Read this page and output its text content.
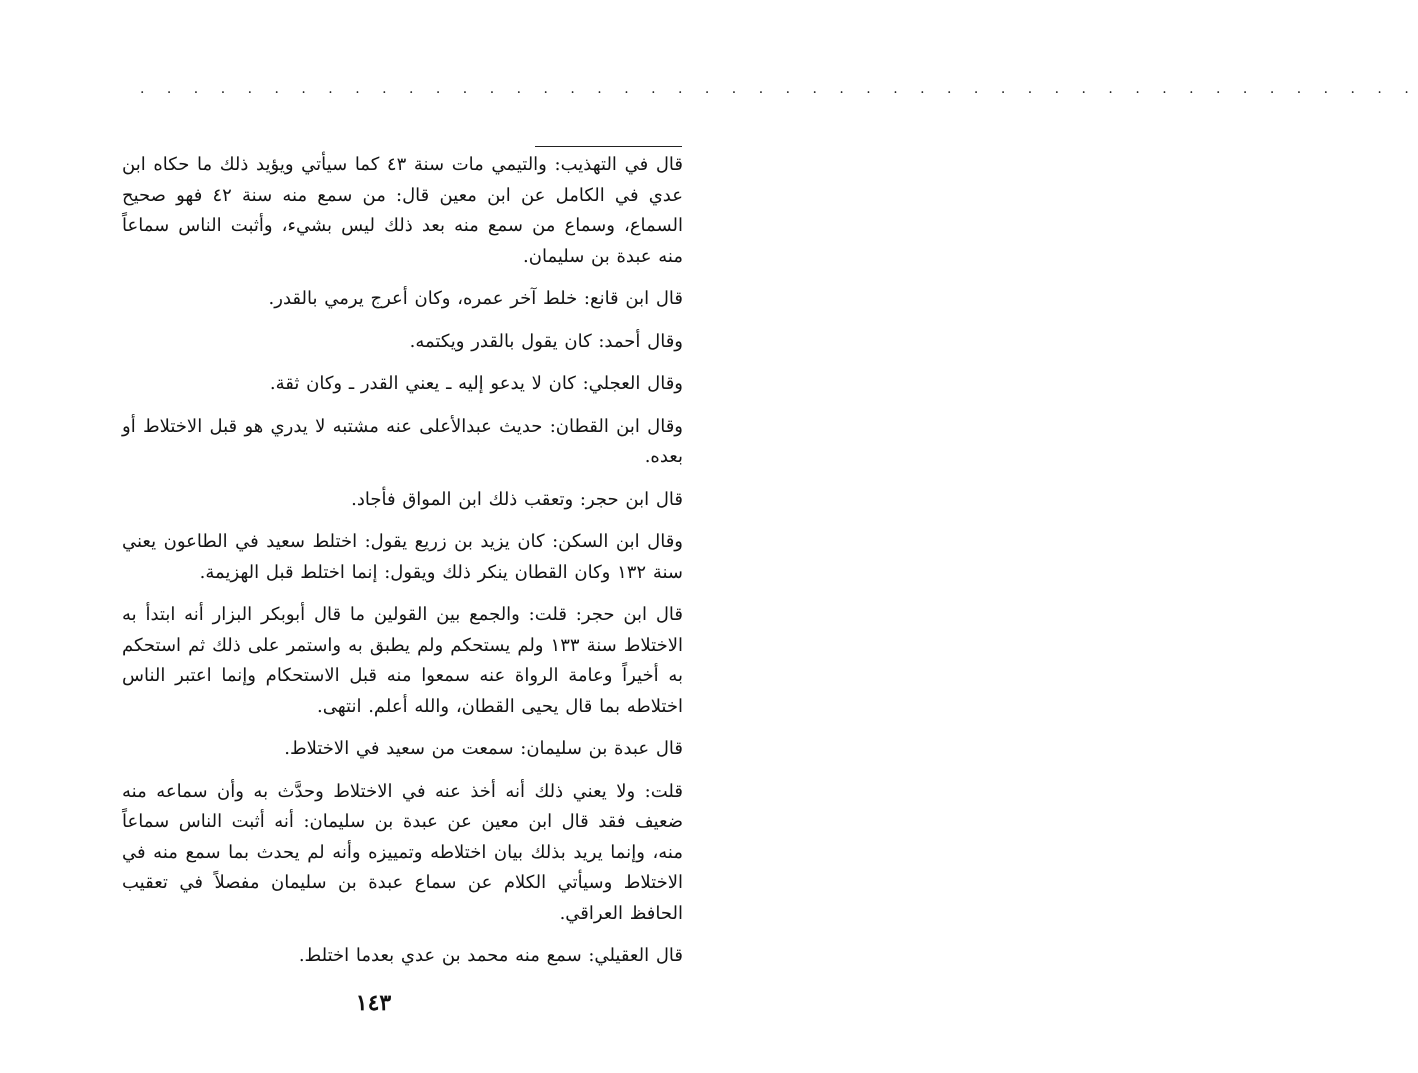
· · · · · · · · · · · · · · · · · · · · · · · · · · · · · · · · · · · · · · · · · · · · · · · ·

قال في التهذيب: والتيمي مات سنة ٤٣ كما سيأتي ويؤيد ذلك ما حكاه ابن عدي في الكامل عن ابن معين قال: من سمع منه سنة ٤٢ فهو صحيح السماع، وسماع من سمع منه بعد ذلك ليس بشيء، وأثبت الناس سماعاً منه عبدة بن سليمان.

قال ابن قانع: خلط آخر عمره، وكان أعرج يرمي بالقدر.

وقال أحمد: كان يقول بالقدر ويكتمه.

وقال العجلي: كان لا يدعو إليه ـ يعني القدر ـ وكان ثقة.

وقال ابن القطان: حديث عبدالأعلى عنه مشتبه لا يدري هو قبل الاختلاط أو بعده.

قال ابن حجر: وتعقب ذلك ابن المواق فأجاد.

وقال ابن السكن: كان يزيد بن زريع يقول: اختلط سعيد في الطاعون يعني سنة ١٣٢ وكان القطان ينكر ذلك ويقول: إنما اختلط قبل الهزيمة.

قال ابن حجر: قلت: والجمع بين القولين ما قال أبوبكر البزار أنه ابتدأ به الاختلاط سنة ١٣٣ ولم يستحكم ولم يطبق به واستمر على ذلك ثم استحكم به أخيراً وعامة الرواة عنه سمعوا منه قبل الاستحكام وإنما اعتبر الناس اختلاطه بما قال يحيى القطان، والله أعلم. انتهى.

قال عبدة بن سليمان: سمعت من سعيد في الاختلاط.

قلت: ولا يعني ذلك أنه أخذ عنه في الاختلاط وحدَّث به وأن سماعه منه ضعيف فقد قال ابن معين عن عبدة بن سليمان: أنه أثبت الناس سماعاً منه، وإنما يريد بذلك بيان اختلاطه وتمييزه وأنه لم يحدث بما سمع منه في الاختلاط وسيأتي الكلام عن سماع عبدة بن سليمان مفصلاً في تعقيب الحافظ العراقي.

قال العقيلي: سمع منه محمد بن عدي بعدما اختلط.

١٤٣
